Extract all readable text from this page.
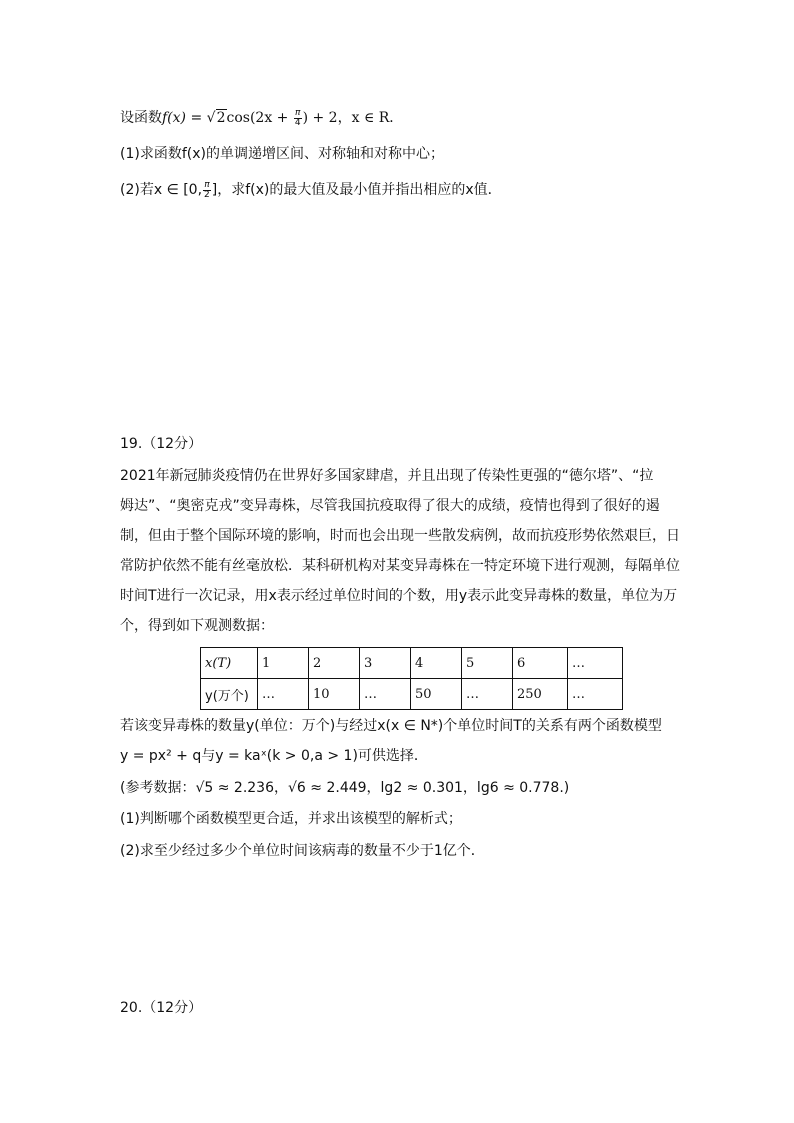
设函数$f(x) = √2\cos(2x + \frac{\pi}{4}$ ) + 2，x ∈ R．
(1)求函数f(x)的单调递增区间、对称轴和对称中心；
(2)若x ∈ [0, $\frac{\pi}{2}$ ]，求f(x)的最大值及最小值并指出相应的x值．
19.（12分）
2021年新冠肺炎疫情仍在世界好多国家肆虐，并且出现了传染性更强的“德尔塔”、“拉
姆达”、“奥密克戎”变异毒株，尽管我国抗疫取得了很大的成绩，疫情也得到了很好的遏
制，但由于整个国际环境的影响，时而也会出现一些散发病例，故而抗疫形势依然艰巨，日
常防护依然不能有丝毫放松．某科研机构对某变异毒株在一特定环境下进行观测，每隔单位
时间T进行一次记录，用x表示经过单位时间的个数，用y表示此变异毒株的数量，单位为万
个，得到如下观测数据：
x(T)	1	2	3	4	5	6	…
y(万个)	…	10	…	50	…	250	…
若该变异毒株的数量y(单位：万个)与经过x(x ∈ N*)个单位时间T的关系有两个函数模型
y = px² + q与y = kaˣ(k > 0,a > 1)可供选择．
(参考数据：√5 ≈ 2.236，√6 ≈ 2.449，lg2 ≈ 0.301，lg6 ≈ 0.778.)
(1)判断哪个函数模型更合适，并求出该模型的解析式；
(2)求至少经过多少个单位时间该病毒的数量不少于1亿个．
20.（12分）
